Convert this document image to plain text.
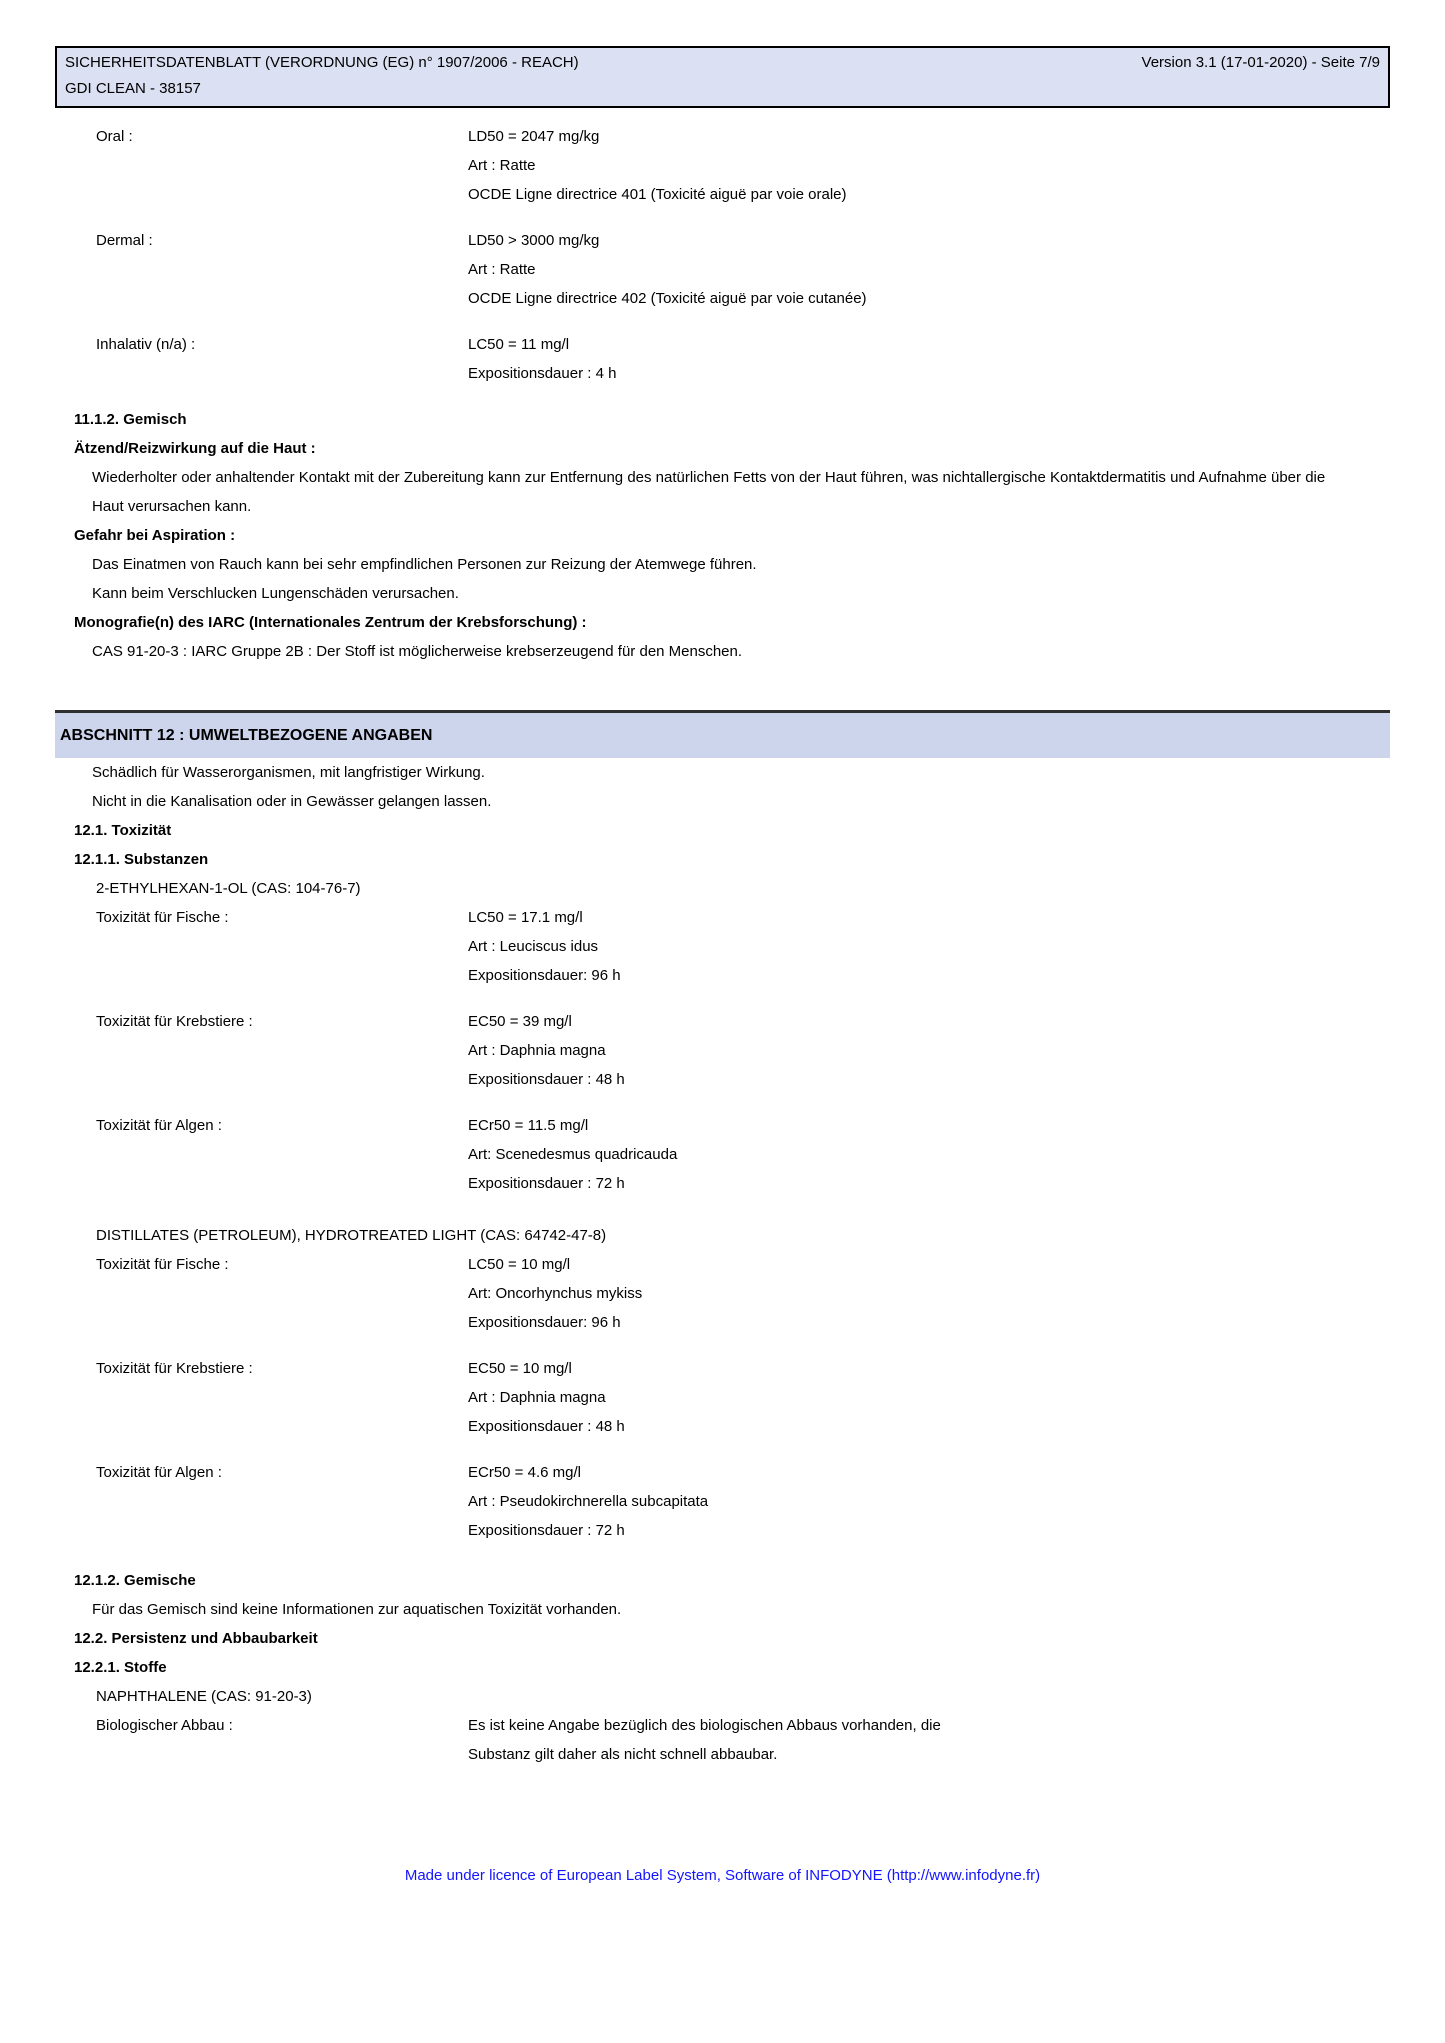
SICHERHEITSDATENBLATT (VERORDNUNG (EG) n° 1907/2006 - REACH)	Version 3.1 (17-01-2020) - Seite 7/9
GDI CLEAN - 38157
Oral :	LD50 = 2047 mg/kg
Art : Ratte
OCDE Ligne directrice 401 (Toxicité aiguë par voie orale)
Dermal :	LD50 > 3000 mg/kg
Art : Ratte
OCDE Ligne directrice 402 (Toxicité aiguë par voie cutanée)
Inhalativ (n/a) :	LC50 = 11 mg/l
Expositionsdauer : 4 h
11.1.2. Gemisch
Ätzend/Reizwirkung auf die Haut :

Wiederholter oder anhaltender Kontakt mit der Zubereitung kann zur Entfernung des natürlichen Fetts von der Haut führen, was nichtallergische Kontaktdermatitis und Aufnahme über die Haut verursachen kann.

Gefahr bei Aspiration :

Das Einatmen von Rauch kann bei sehr empfindlichen Personen zur Reizung der Atemwege führen.

Kann beim Verschlucken Lungenschäden verursachen.

Monografie(n) des IARC (Internationales Zentrum der Krebsforschung) :

CAS 91-20-3 : IARC Gruppe 2B : Der Stoff ist möglicherweise krebserzeugend für den Menschen.

ABSCHNITT 12 : UMWELTBEZOGENE ANGABEN

Schädlich für Wasserorganismen, mit langfristiger Wirkung.

Nicht in die Kanalisation oder in Gewässer gelangen lassen.

12.1. Toxizität
12.1.1. Substanzen
2-ETHYLHEXAN-1-OL (CAS: 104-76-7)
Toxizität für Fische :	LC50 = 17.1 mg/l
Art : Leuciscus idus
Expositionsdauer: 96 h
Toxizität für Krebstiere :	EC50 = 39 mg/l
Art : Daphnia magna
Expositionsdauer : 48 h
Toxizität für Algen :	ECr50 = 11.5 mg/l
Art: Scenedesmus quadricauda
Expositionsdauer : 72 h
DISTILLATES (PETROLEUM), HYDROTREATED LIGHT (CAS: 64742-47-8)
Toxizität für Fische :	LC50 = 10 mg/l
Art: Oncorhynchus mykiss
Expositionsdauer: 96 h
Toxizität für Krebstiere :	EC50 = 10 mg/l
Art : Daphnia magna
Expositionsdauer : 48 h
Toxizität für Algen :	ECr50 = 4.6 mg/l
Art : Pseudokirchnerella subcapitata
Expositionsdauer : 72 h
12.1.2. Gemische

Für das Gemisch sind keine Informationen zur aquatischen Toxizität vorhanden.

12.2. Persistenz und Abbaubarkeit
12.2.1. Stoffe
NAPHTHALENE (CAS: 91-20-3)
Biologischer Abbau :	Es ist keine Angabe bezüglich des biologischen Abbaus vorhanden, die
Substanz gilt daher als nicht schnell abbaubar.
Made under licence of European Label System, Software of INFODYNE (http://www.infodyne.fr)
